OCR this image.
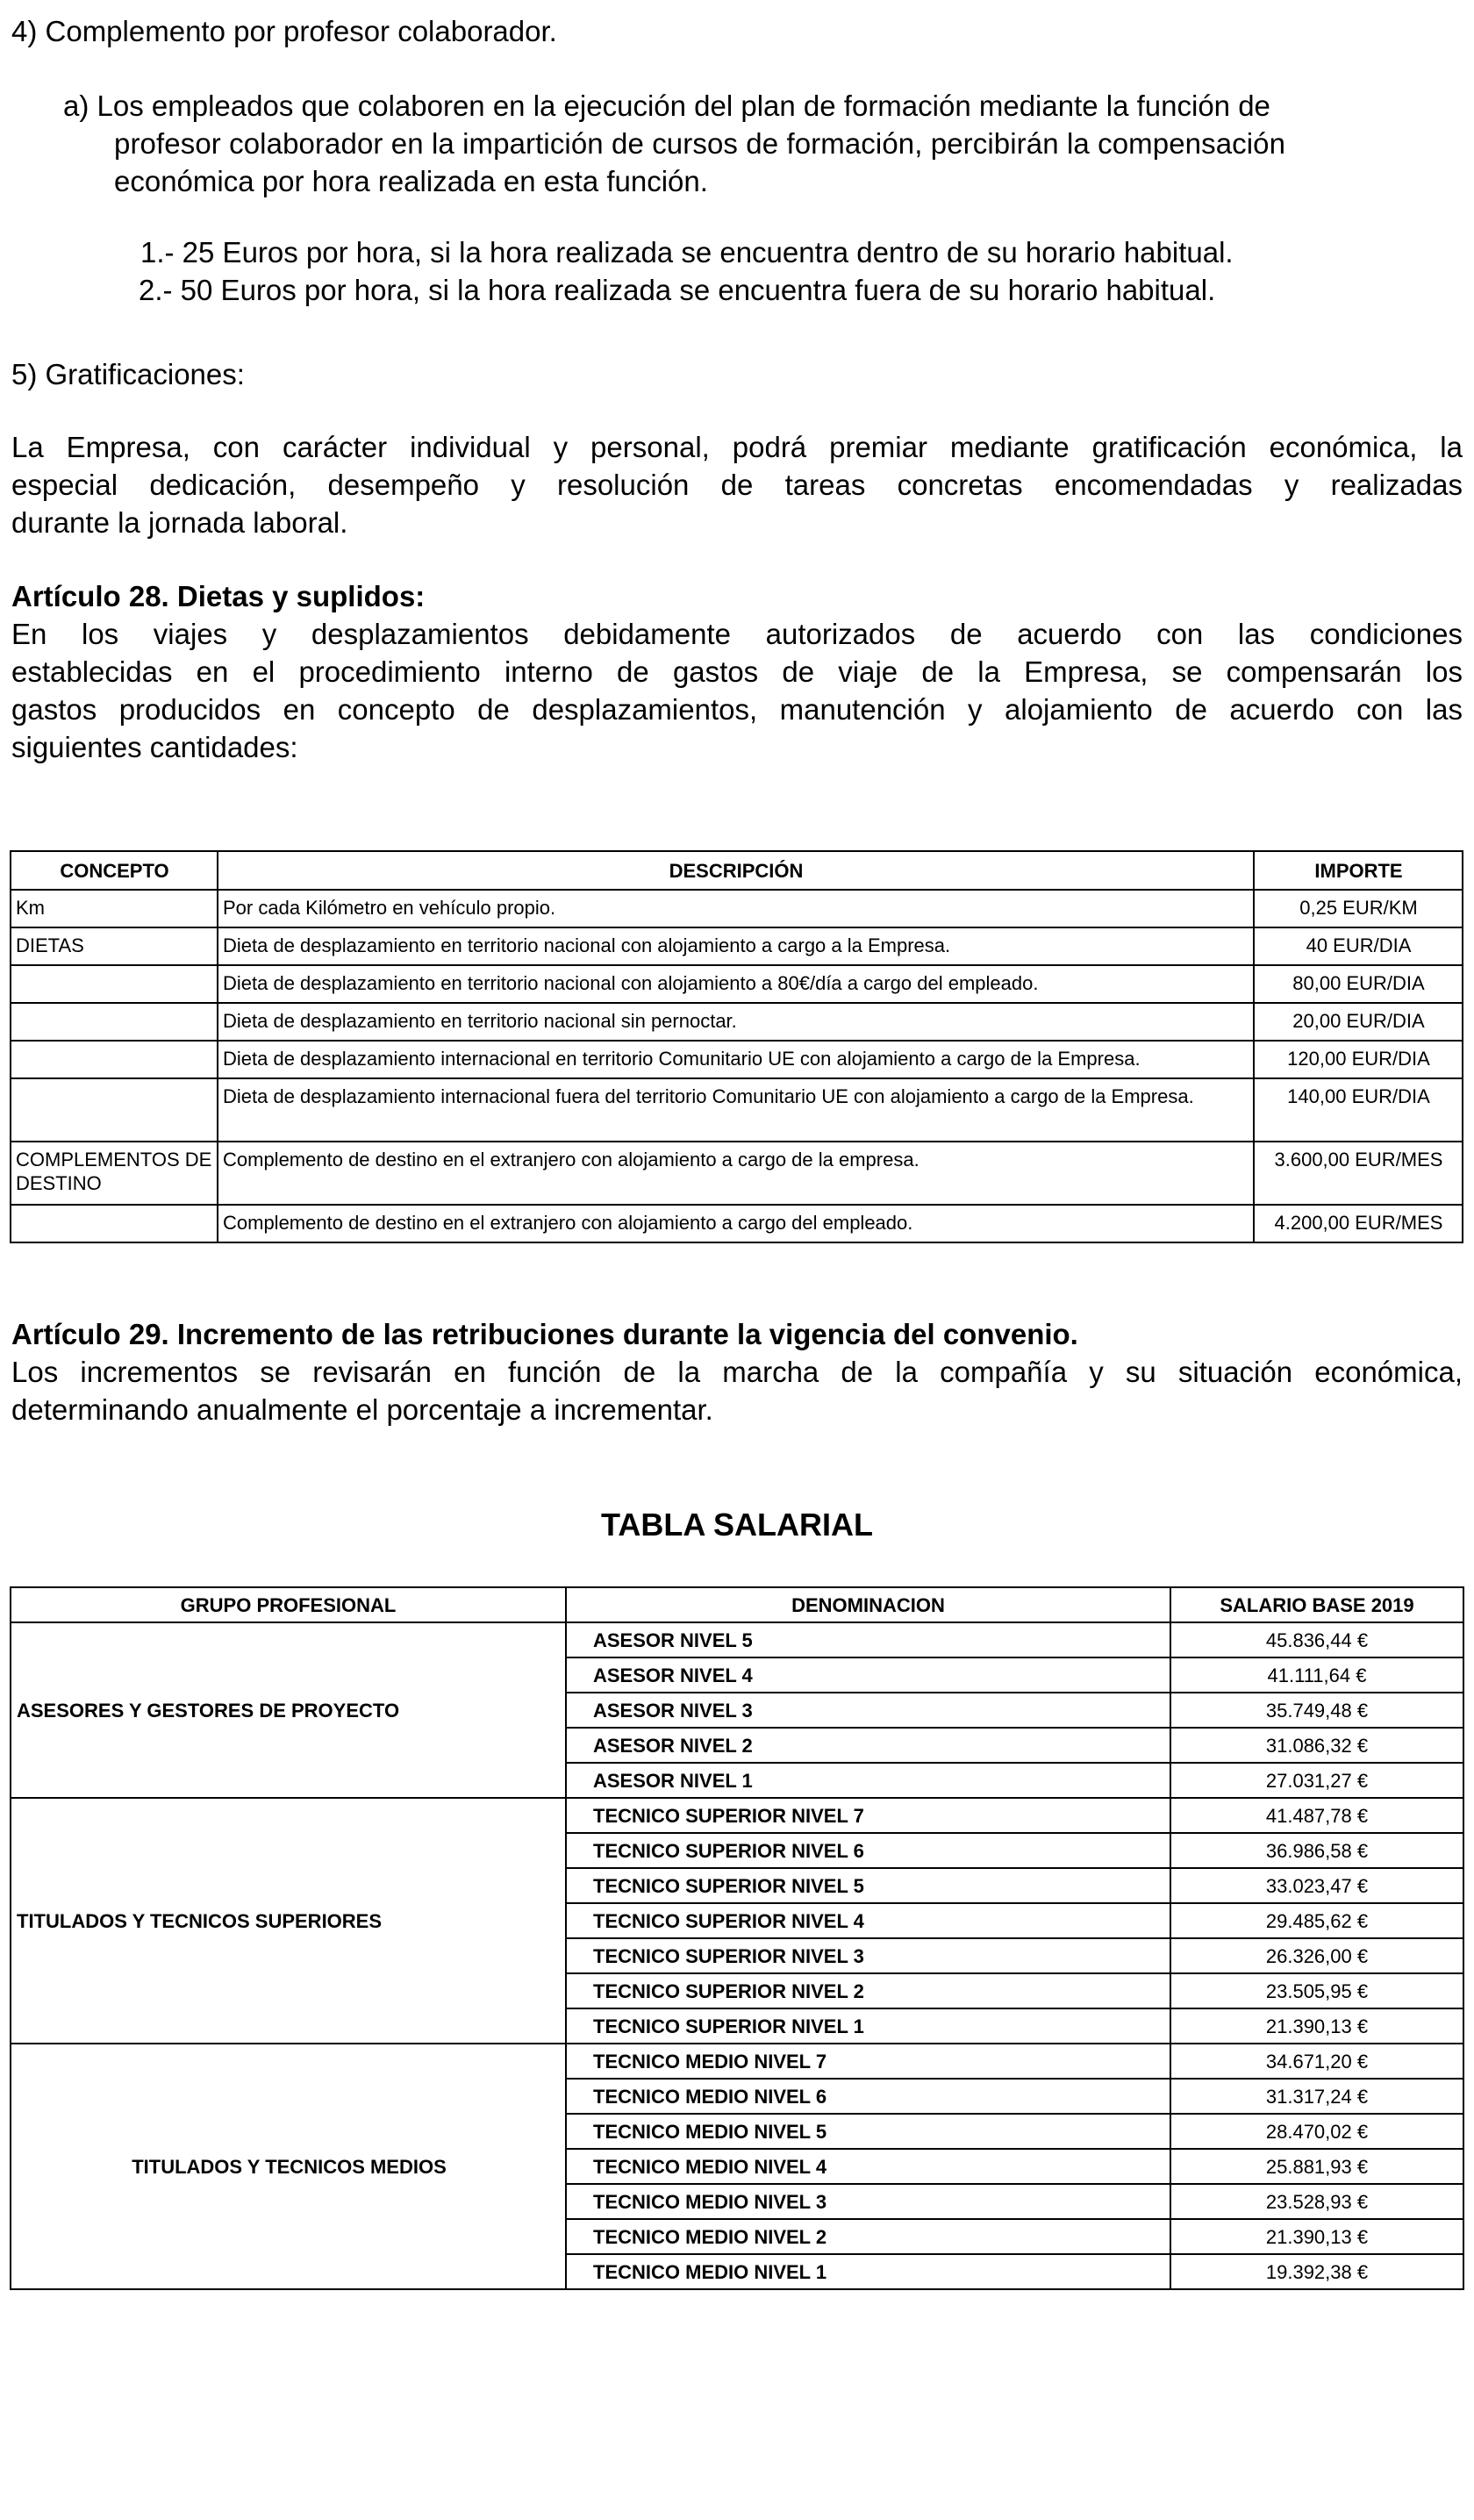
4) Complemento por profesor colaborador.
a) Los empleados que colaboren en la ejecución del plan de formación mediante la función de
profesor colaborador en la impartición de cursos de formación, percibirán la compensación
económica por hora realizada en esta función.
1.- 25 Euros por hora, si la hora realizada se encuentra dentro de su horario habitual.
2.- 50 Euros por hora, si la hora realizada se encuentra fuera de su horario habitual.
5) Gratificaciones:
La Empresa, con carácter individual y personal, podrá premiar mediante gratificación económica, la
especial dedicación, desempeño y resolución de tareas concretas encomendadas y realizadas
durante la jornada laboral.
Artículo 28. Dietas y suplidos:
En los viajes y desplazamientos debidamente autorizados de acuerdo con las condiciones
establecidas en el procedimiento interno de gastos de viaje de la Empresa, se compensarán los
gastos producidos en concepto de desplazamientos, manutención y alojamiento de acuerdo con las
siguientes cantidades:
CONCEPTO	DESCRIPCIÓN	IMPORTE
Km	Por cada Kilómetro en vehículo propio.	0,25 EUR/KM
DIETAS	Dieta de desplazamiento en territorio nacional con alojamiento a cargo a la Empresa.	40 EUR/DIA
	Dieta de desplazamiento en territorio nacional con alojamiento a 80€/día a cargo del empleado.	80,00 EUR/DIA
	Dieta de desplazamiento en territorio nacional sin pernoctar.	20,00 EUR/DIA
	Dieta de desplazamiento internacional en territorio Comunitario UE con alojamiento a cargo de la Empresa.	120,00 EUR/DIA
	Dieta de desplazamiento internacional fuera del territorio Comunitario UE con alojamiento a cargo de la Empresa.	140,00 EUR/DIA
COMPLEMENTOS DE DESTINO	Complemento de destino en el extranjero con alojamiento a cargo de la empresa.	3.600,00 EUR/MES
	Complemento de destino en el extranjero con alojamiento a cargo del empleado.	4.200,00 EUR/MES
Artículo 29. Incremento de las retribuciones durante la vigencia del convenio.
Los incrementos se revisarán en función de la marcha de la compañía y su situación económica,
determinando anualmente el porcentaje a incrementar.
TABLA SALARIAL
GRUPO PROFESIONAL	DENOMINACION	SALARIO BASE 2019
ASESORES Y GESTORES DE PROYECTO	ASESOR NIVEL 5	45.836,44 €
	ASESOR NIVEL 4	41.111,64 €
	ASESOR NIVEL 3	35.749,48 €
	ASESOR NIVEL 2	31.086,32 €
	ASESOR NIVEL 1	27.031,27 €
TITULADOS Y TECNICOS SUPERIORES	TECNICO SUPERIOR NIVEL 7	41.487,78 €
	TECNICO SUPERIOR NIVEL 6	36.986,58 €
	TECNICO SUPERIOR NIVEL 5	33.023,47 €
	TECNICO SUPERIOR NIVEL 4	29.485,62 €
	TECNICO SUPERIOR NIVEL 3	26.326,00 €
	TECNICO SUPERIOR NIVEL 2	23.505,95 €
	TECNICO SUPERIOR NIVEL 1	21.390,13 €
TITULADOS Y TECNICOS MEDIOS	TECNICO MEDIO NIVEL 7	34.671,20 €
	TECNICO MEDIO NIVEL 6	31.317,24 €
	TECNICO MEDIO NIVEL 5	28.470,02 €
	TECNICO MEDIO NIVEL 4	25.881,93 €
	TECNICO MEDIO NIVEL 3	23.528,93 €
	TECNICO MEDIO NIVEL 2	21.390,13 €
	TECNICO MEDIO NIVEL 1	19.392,38 €
